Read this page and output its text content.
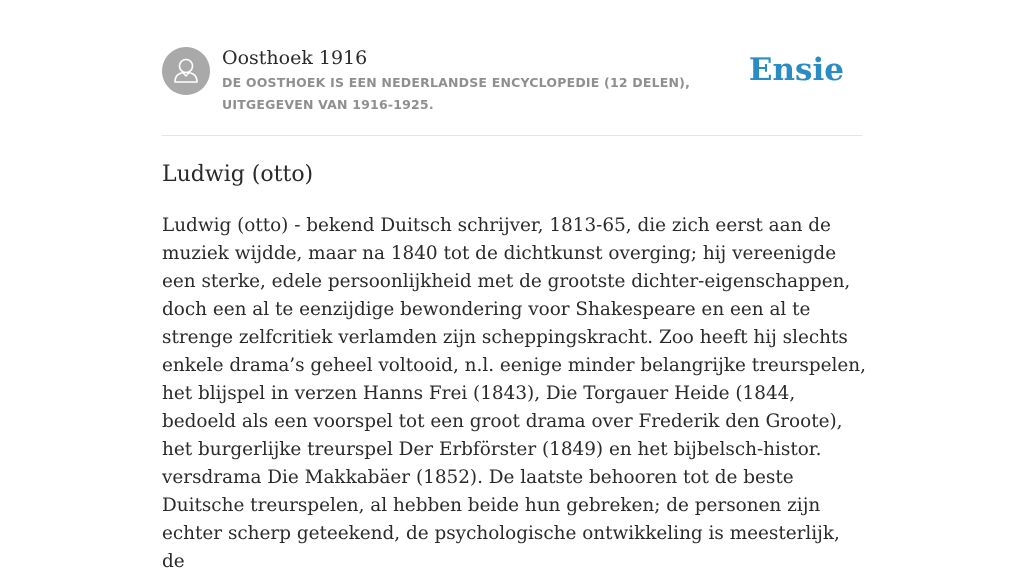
Oosthoek 1916
DE OOSTHOEK IS EEN NEDERLANDSE ENCYCLOPEDIE (12 DELEN), UITGEGEVEN VAN 1916-1925.
Ensie
Ludwig (otto)

Ludwig (otto) - bekend Duitsch schrijver, 1813-65, die zich eerst aan de muziek wijdde, maar na 1840 tot de dichtkunst overging; hij vereenigde een sterke, edele persoonlijkheid met de grootste dichter-eigenschappen, doch een al te eenzijdige bewondering voor Shakespeare en een al te strenge zelfcritiek verlamden zijn scheppingskracht. Zoo heeft hij slechts enkele drama’s geheel voltooid, n.l. eenige minder belangrijke treurspelen, het blijspel in verzen Hanns Frei (1843), Die Torgauer Heide (1844, bedoeld als een voorspel tot een groot drama over Frederik den Groote), het burgerlijke treurspel Der Erbförster (1849) en het bijbelsch-histor. versdrama Die Makkabäer (1852). De laatste behooren tot de beste Duitsche treurspelen, al hebben beide hun gebreken; de personen zijn echter scherp geteekend, de psychologische ontwikkeling is meesterlijk, de
